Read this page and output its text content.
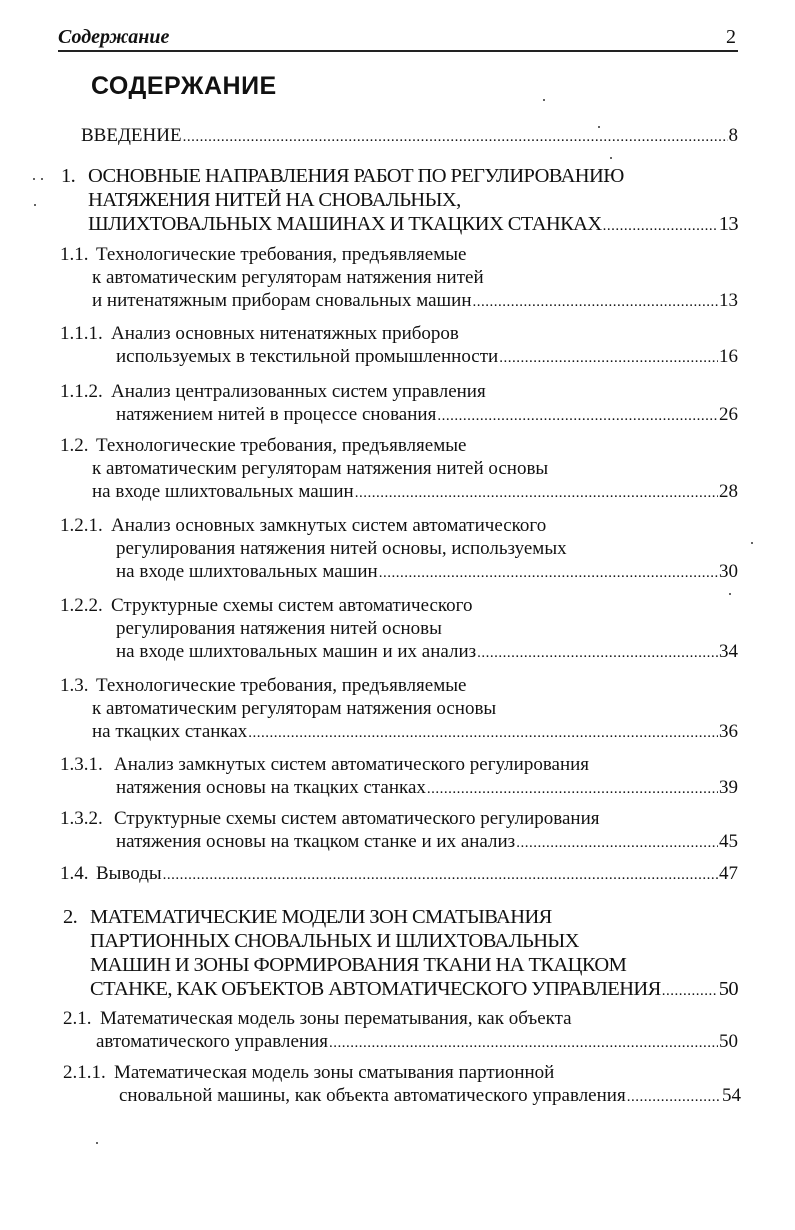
Содержание	2
СОДЕРЖАНИЕ
ВВЕДЕНИЕ .....	8
1. ОСНОВНЫЕ НАПРАВЛЕНИЯ РАБОТ ПО РЕГУЛИРОВАНИЮ
НАТЯЖЕНИЯ НИТЕЙ НА СНОВАЛЬНЫХ,
ШЛИХТОВАЛЬНЫХ МАШИНАХ И ТКАЦКИХ СТАНКАХ .....	13
1.1. Технологические требования, предъявляемые
к автоматическим регуляторам натяжения нитей
и нитенатяжным приборам сновальных машин .....	13
1.1.1. Анализ основных нитенатяжных приборов
используемых в текстильной промышленности .....	16
1.1.2. Анализ централизованных систем управления
натяжением нитей в процессе снования .....	26
1.2. Технологические требования, предъявляемые
к автоматическим регуляторам натяжения нитей основы
на входе шлихтовальных машин .....	28
1.2.1. Анализ основных замкнутых систем автоматического
регулирования натяжения нитей основы, используемых
на входе шлихтовальных машин .....	30
1.2.2. Структурные схемы систем автоматического
регулирования натяжения нитей основы
на входе шлихтовальных машин и их анализ .....	34
1.3. Технологические требования, предъявляемые
к автоматическим регуляторам натяжения основы
на ткацких станках .....	36
1.3.1. Анализ замкнутых систем автоматического регулирования
натяжения основы на ткацких станках .....	39
1.3.2. Структурные схемы систем автоматического регулирования
натяжения основы на ткацком станке и их анализ .....	45
1.4. Выводы .....	47
2. МАТЕМАТИЧЕСКИЕ МОДЕЛИ ЗОН СМАТЫВАНИЯ
ПАРТИОННЫХ СНОВАЛЬНЫХ И ШЛИХТОВАЛЬНЫХ
МАШИН И ЗОНЫ ФОРМИРОВАНИЯ ТКАНИ НА ТКАЦКОМ
СТАНКЕ, КАК ОБЪЕКТОВ АВТОМАТИЧЕСКОГО УПРАВЛЕНИЯ .....	50
2.1. Математическая модель зоны перематывания, как объекта
автоматического управления .....	50
2.1.1. Математическая модель зоны сматывания партионной
сновальной машины, как объекта автоматического управления .....	54
